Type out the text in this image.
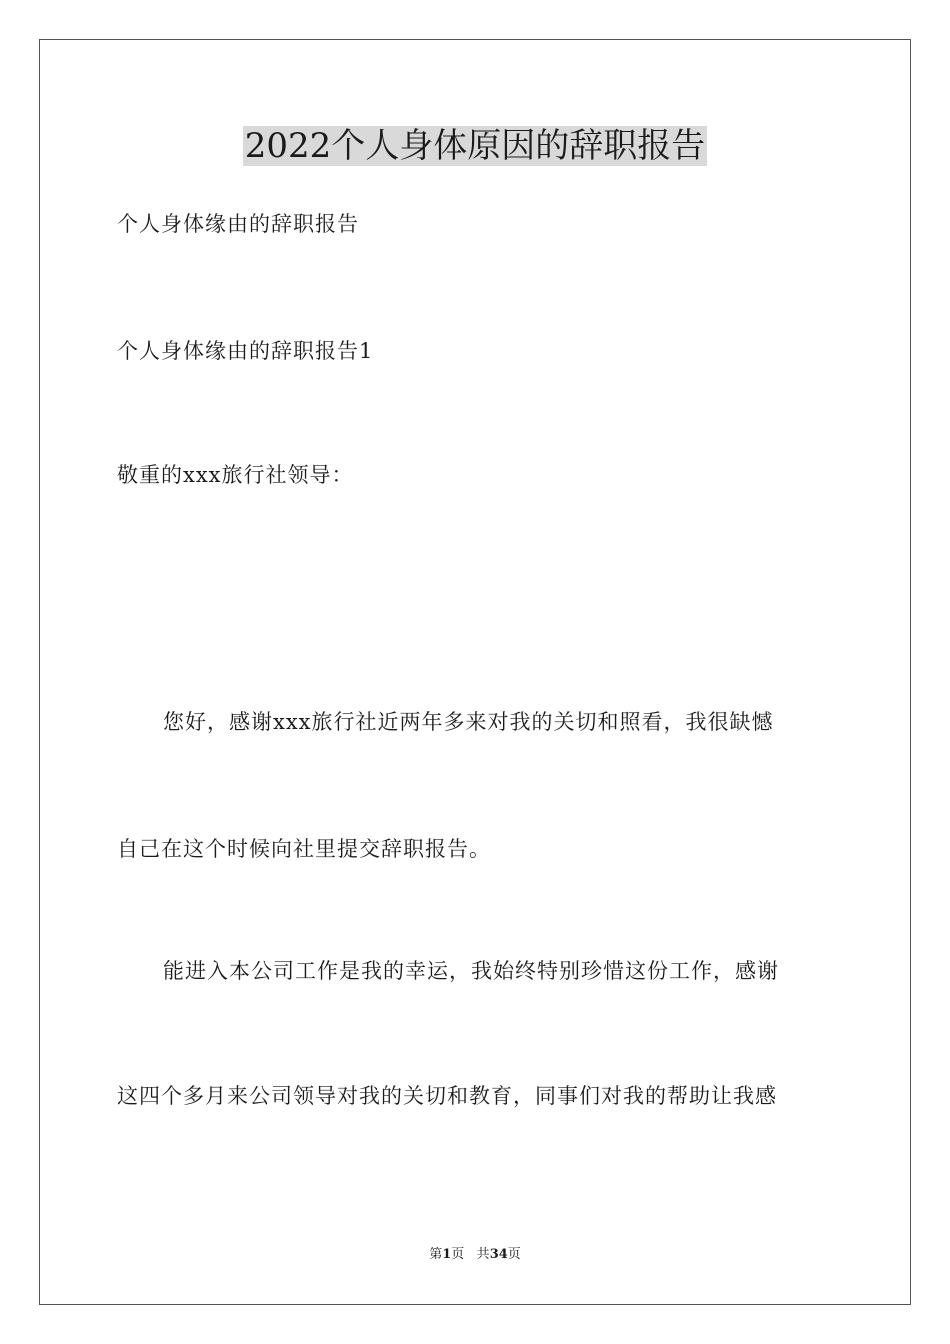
2022个人身体原因的辞职报告
个人身体缘由的辞职报告
个人身体缘由的辞职报告1
敬重的xxx旅行社领导：
您好，感谢xxx旅行社近两年多来对我的关切和照看，我很缺憾
自己在这个时候向社里提交辞职报告。
能进入本公司工作是我的幸运，我始终特别珍惜这份工作，感谢
这四个多月来公司领导对我的关切和教育，同事们对我的帮助让我感
第1页 共34页
